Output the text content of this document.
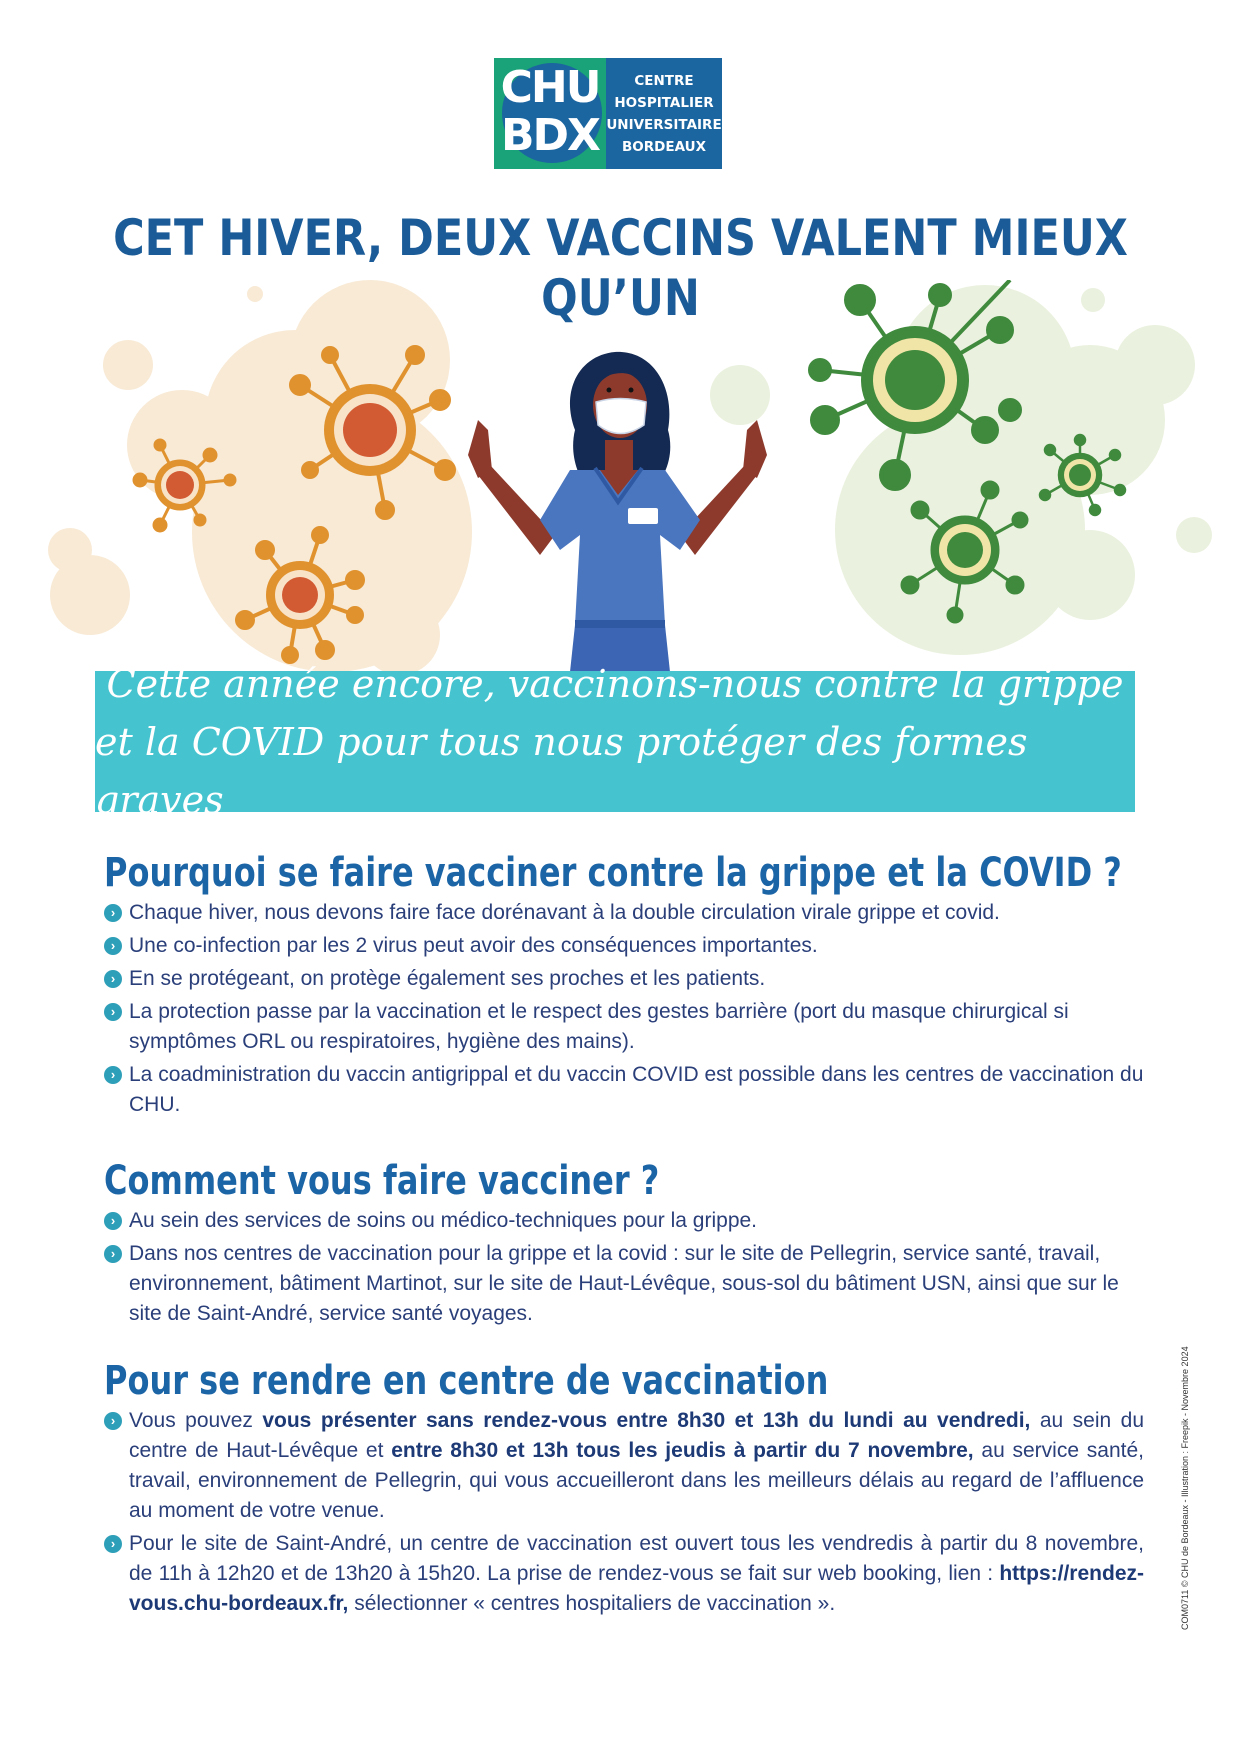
CHU
BDX
CENTRE
HOSPITALIER
UNIVERSITAIRE
BORDEAUX
CET HIVER, DEUX VACCINS VALENT MIEUX QU’UN
Cette année encore, vaccinons-nous contre la grippe
et la COVID pour tous nous protéger des formes graves
Pourquoi se faire vacciner contre la grippe et la COVID ?
› Chaque hiver, nous devons faire face dorénavant à la double circulation virale grippe et covid.
› Une co-infection par les 2 virus peut avoir des conséquences importantes.
› En se protégeant, on protège également ses proches et les patients.
› La protection passe par la vaccination et le respect des gestes barrière (port du masque chirurgical si symptômes ORL ou respiratoires, hygiène des mains).
› La coadministration du vaccin antigrippal et du vaccin COVID est possible dans les centres de vaccination du CHU.
Comment vous faire vacciner ?
› Au sein des services de soins ou médico-techniques pour la grippe.
› Dans nos centres de vaccination pour la grippe et la covid : sur le site de Pellegrin, service santé, travail, environnement, bâtiment Martinot, sur le site de Haut-Lévêque, sous-sol du bâtiment USN, ainsi que sur le site de Saint-André, service santé voyages.
Pour se rendre en centre de vaccination
› Vous pouvez vous présenter sans rendez-vous entre 8h30 et 13h du lundi au vendredi, au sein du centre de Haut-Lévêque et entre 8h30 et 13h tous les jeudis à partir du 7 novembre, au service santé, travail, environnement de Pellegrin, qui vous accueilleront dans les meilleurs délais au regard de l’affluence au moment de votre venue.
› Pour le site de Saint-André, un centre de vaccination est ouvert tous les vendredis à partir du 8 novembre, de 11h à 12h20 et de 13h20 à 15h20. La prise de rendez-vous se fait sur web booking, lien : https://rendez-vous.chu-bordeaux.fr, sélectionner « centres hospitaliers de vaccination ».	COM0711 © CHU de Bordeaux - Illustration : Freepik - Novembre 2024
